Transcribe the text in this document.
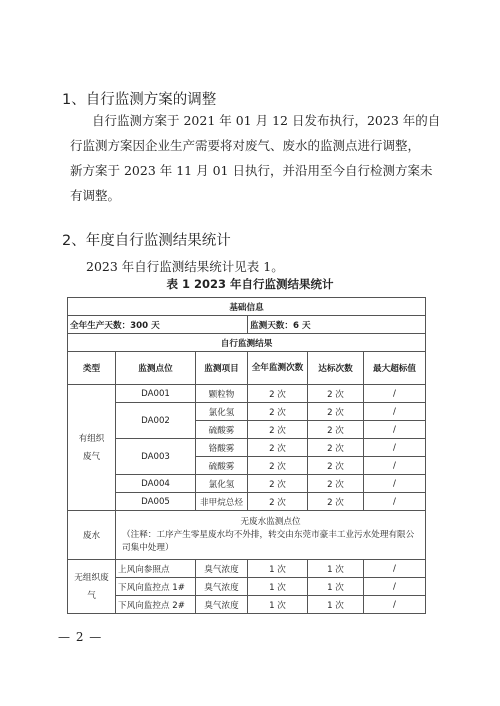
1、自行监测方案的调整
自行监测方案于 2021 年 01 月 12 日发布执行，2023 年的自
行监测方案因企业生产需要将对废气、废水的监测点进行调整，
新方案于 2023 年 11 月 01 日执行，并沿用至今自行检测方案未
有调整。
2、年度自行监测结果统计
2023 年自行监测结果统计见表 1。
表 1 2023 年自行监测结果统计
基础信息					
全年生产天数：300 天			监测天数：6 天		
自行监测结果					
类型	监测点位	监测项目	全年监测次数	达标次数	最大超标值
有组织废气	DA001	颗粒物	2 次	2 次	/
	DA002	氯化氢	2 次	2 次	/
		硫酸雾	2 次	2 次	/
	DA003	铬酸雾	2 次	2 次	/
		硫酸雾	2 次	2 次	/
	DA004	氯化氢	2 次	2 次	/
	DA005	非甲烷总烃	2 次	2 次	/
废水	无废水监测点位
（注释：工序产生零星废水均不外排，转交由东莞市豪丰工业污水处理有限公司集中处理）				

无组织废气	上风向参照点	臭气浓度	1 次	1 次	/
	下风向监控点 1#	臭气浓度	1 次	1 次	/
	下风向监控点 2#	臭气浓度	1 次	1 次	/
— 2 —
